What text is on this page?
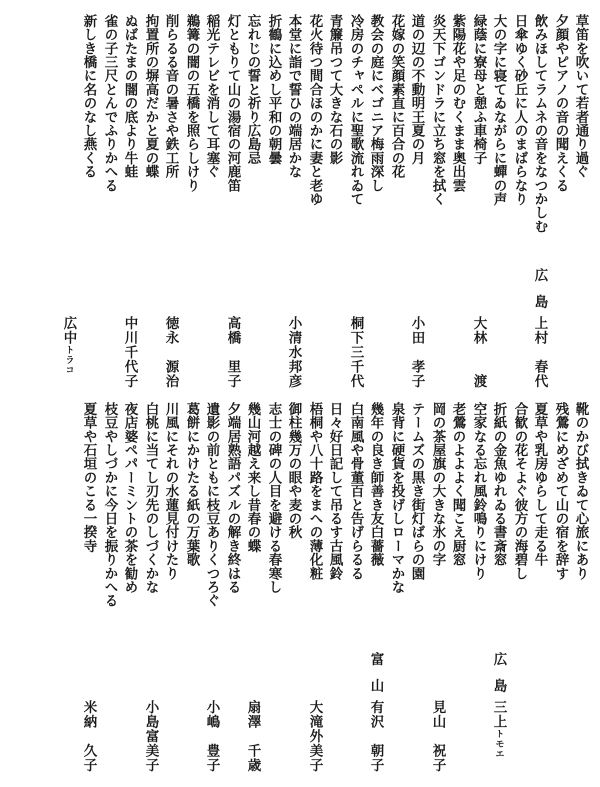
草笛を吹いて若者通り過ぐ
夕顔やピアノの音の聞えくる
飲みほしてラムネの音をなつかしむ
日傘ゆく砂丘に人のまばらなり
大の字に寝てゐながらに蟬の声
緑蔭に寮母と憩ふ車椅子
紫陽花や足のむくまま奥出雲
炎天下ゴンドラに立ち窓を拭く
道の辺の不動明王夏の月
花嫁の笑顔素直に百合の花
教会の庭にベゴニア梅雨深し
冷房のチャペルに聖歌流れゐて
青簾吊つて大きな石の影
花火待つ間合ほのかに妻と老ゆ
本堂に詣で誓ひの端居かな
折鶴に込めし平和の朝曇
忘れじの誓と祈り広島忌
灯ともりて山の湯宿の河鹿笛
稲光テレビを消して耳塞ぐ
鵜篝の闇の五橋を照らしけり
削らるる音の暑さや鉄工所
拘置所の塀高だかと夏の蝶
ぬばたまの闇の底より牛蛙
雀の子三尺とんでふりかへる
新しき橋に名のなし燕くる
広島
上村　春代
大林　　渡
小田　孝子
桐下三千代
小清水邦彦
高橋　里子
徳永　源治
中川千代子
広中トラコ
靴のかび拭きゐて心旅にあり
残鶯にめざめて山の宿を辞す
夏草や乳房ゆらして走る牛
合歓の花そよぐ彼方の海碧し
折紙の金魚ゆれゐる書斎窓
空家なる忘れ風鈴鳴りにけり
老鶯のよよよく聞こえ厨窓
岡の茶屋旗の大きな氷の字
テームズの黒き街灯ばらの園
泉背に硬貨を投げしローマかな
幾年の良き師善き友白薔薇
白南風や骨董百と告げらるる
日々好日記して吊るす古風鈴
梧桐や八十路をまへの薄化粧
御柱幾万の眼や麦の秋
志士の碑の人目を避ける春寒し
幾山河越え来し昔春の蝶
夕端居熟語パズルの解き終はる
遺影の前ともに枝豆ありくつろぐ
葛餅にかけたる紙の万葉歌
川風にそれの水蓮見付けたり
白桃に当てし刃先のしづくかな
夜店婆ペパーミントの茶を勧め
枝豆やしづかに今日を振りかへる
夏草や石垣のこる一揆寺
広島
三上トモエ
見山　祝子
富山
有沢　朝子
大滝外美子
扇澤　千歳
小嶋　豊子
小島富美子
米納　久子
